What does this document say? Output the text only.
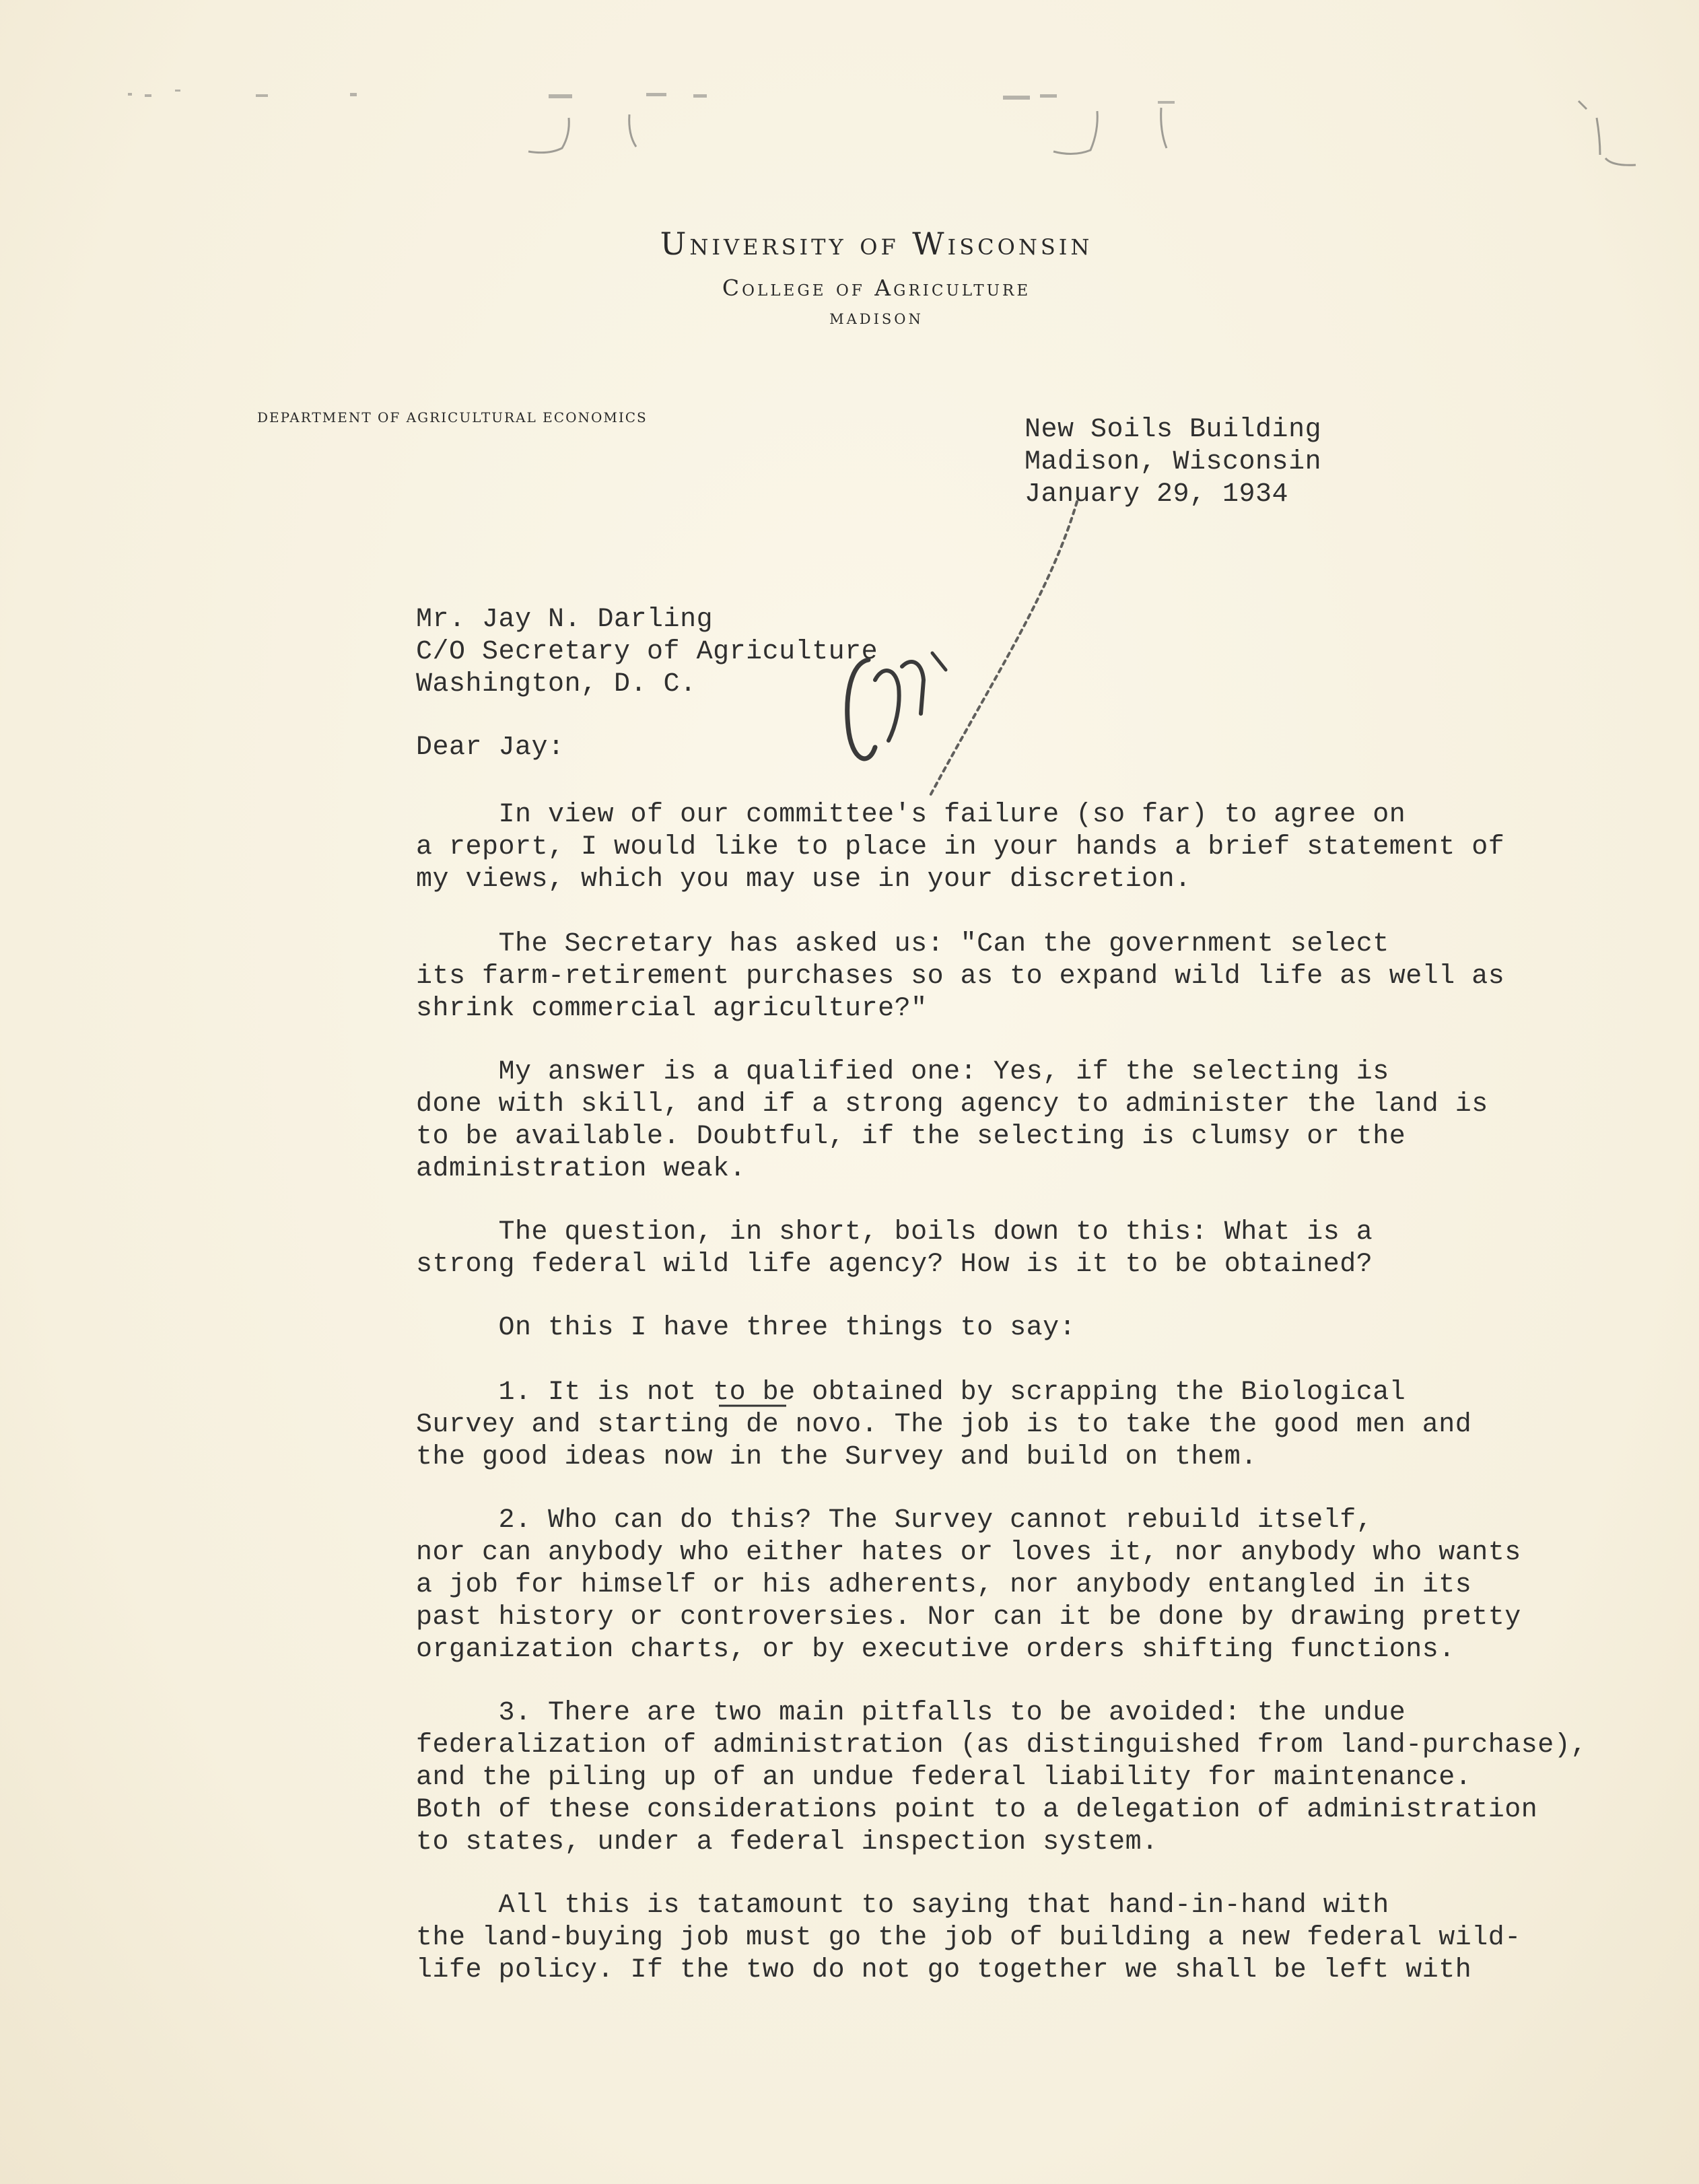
University of Wisconsin
College of Agriculture
MADISON
DEPARTMENT OF AGRICULTURAL ECONOMICS	New Soils Building
Madison, Wisconsin
January 29, 1934
Mr. Jay N. Darling
C/O Secretary of Agriculture
Washington, D. C.
Dear Jay:
In view of our committee's failure (so far) to agree on
a report, I would like to place in your hands a brief statement of
my views, which you may use in your discretion.
The Secretary has asked us: "Can the government select
its farm-retirement purchases so as to expand wild life as well as
shrink commercial agriculture?"
My answer is a qualified one: Yes, if the selecting is
done with skill, and if a strong agency to administer the land is
to be available. Doubtful, if the selecting is clumsy or the
administration weak.
The question, in short, boils down to this: What is a
strong federal wild life agency? How is it to be obtained?
On this I have three things to say:
1. It is not to be obtained by scrapping the Biological
Survey and starting de novo. The job is to take the good men and
the good ideas now in the Survey and build on them.
2. Who can do this? The Survey cannot rebuild itself,
nor can anybody who either hates or loves it, nor anybody who wants
a job for himself or his adherents, nor anybody entangled in its
past history or controversies. Nor can it be done by drawing pretty
organization charts, or by executive orders shifting functions.
3. There are two main pitfalls to be avoided: the undue
federalization of administration (as distinguished from land-purchase),
and the piling up of an undue federal liability for maintenance.
Both of these considerations point to a delegation of administration
to states, under a federal inspection system.
All this is tatamount to saying that hand-in-hand with
the land-buying job must go the job of building a new federal wild-
life policy. If the two do not go together we shall be left with
